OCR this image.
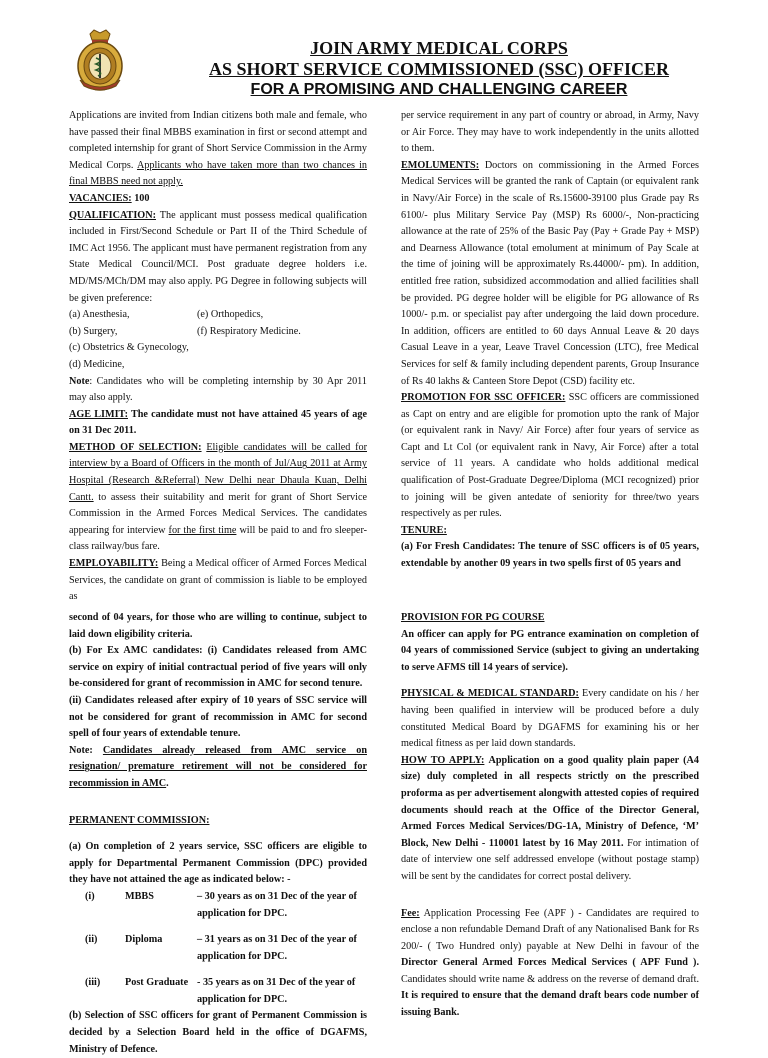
JOIN ARMY MEDICAL CORPS
AS SHORT SERVICE COMMISSIONED (SSC) OFFICER
FOR A PROMISING AND CHALLENGING CAREER

Applications are invited from Indian citizens both male and female, who have passed their final MBBS examination in first or second attempt and completed internship for grant of Short Service Commission in the Army Medical Corps. Applicants who have taken more than two chances in final MBBS need not apply.

VACANCIES: 100

QUALIFICATION: The applicant must possess medical qualification included in First/Second Schedule or Part II of the Third Schedule of IMC Act 1956. The applicant must have permanent registration from any State Medical Council/MCI. Post graduate degree holders i.e. MD/MS/MCh/DM may also apply. PG Degree in following subjects will be given preference:

(a) Anesthesia,	(e) Orthopedics,
(b) Surgery,	(f) Respiratory Medicine.
(c) Obstetrics & Gynecology,
(d) Medicine,

Note: Candidates who will be completing internship by 30 Apr 2011 may also apply.

AGE LIMIT: The candidate must not have attained 45 years of age on 31 Dec 2011.

METHOD OF SELECTION: Eligible candidates will be called for interview by a Board of Officers in the month of Jul/Aug 2011 at Army Hospital (Research &Referral) New Delhi near Dhaula Kuan, Delhi Cantt. to assess their suitability and merit for grant of Short Service Commission in the Armed Forces Medical Services. The candidates appearing for interview for the first time will be paid to and fro sleeper-class railway/bus fare.

EMPLOYABILITY: Being a Medical officer of Armed Forces Medical Services, the candidate on grant of commission is liable to be employed as

per service requirement in any part of country or abroad, in Army, Navy or Air Force. They may have to work independently in the units allotted to them.

EMOLUMENTS: Doctors on commissioning in the Armed Forces Medical Services will be granted the rank of Captain (or equivalent rank in Navy/Air Force) in the scale of Rs.15600-39100 plus Grade pay Rs 6100/- plus Military Service Pay (MSP) Rs 6000/-, Non-practicing allowance at the rate of 25% of the Basic Pay (Pay + Grade Pay + MSP) and Dearness Allowance (total emolument at minimum of Pay Scale at the time of joining will be approximately Rs.44000/- pm). In addition, entitled free ration, subsidized accommodation and allied facilities shall be provided. PG degree holder will be eligible for PG allowance of Rs 1000/- p.m. or specialist pay after undergoing the laid down procedure. In addition, officers are entitled to 60 days Annual Leave & 20 days Casual Leave in a year, Leave Travel Concession (LTC), free Medical Services for self & family including dependent parents, Group Insurance of Rs 40 lakhs & Canteen Store Depot (CSD) facility etc.

PROMOTION FOR SSC OFFICER: SSC officers are commissioned as Capt on entry and are eligible for promotion upto the rank of Major (or equivalent rank in Navy/ Air Force) after four years of service as Capt and Lt Col (or equivalent rank in Navy, Air Force) after a total service of 11 years. A candidate who holds additional medical qualification of Post-Graduate Degree/Diploma (MCI recognized) prior to joining will be given antedate of seniority for three/two years respectively as per rules.

TENURE:

(a) For Fresh Candidates: The tenure of SSC officers is of 05 years, extendable by another 09 years in two spells first of 05 years and

second of 04 years, for those who are willing to continue, subject to laid down eligibility criteria.

(b) For Ex AMC candidates: (i) Candidates released from AMC service on expiry of initial contractual period of five years will only be-considered for grant of recommission in AMC for second tenure.

(ii) Candidates released after expiry of 10 years of SSC service will not be considered for grant of recommission in AMC for second spell of four years of extendable tenure.

Note: Candidates already released from AMC service on resignation/ premature retirement will not be considered for recommission in AMC.

PERMANENT COMMISSION:

(a) On completion of 2 years service, SSC officers are eligible to apply for Departmental Permanent Commission (DPC) provided they have not attained the age as indicated below: -

(i)	MBBS	– 30 years as on 31 Dec of the year of
application for DPC.
(ii)	Diploma	– 31 years as on 31 Dec of the year of
application for DPC.
(iii)	Post Graduate - 35 years as on 31 Dec of the year of
application for DPC.

(b) Selection of SSC officers for grant of Permanent Commission is decided by a Selection Board held in the office of DGAFMS, Ministry of Defence.

PROVISION FOR PG COURSE

An officer can apply for PG entrance examination on completion of 04 years of commissioned Service (subject to giving an undertaking to serve AFMS till 14 years of service).

PHYSICAL & MEDICAL STANDARD: Every candidate on his / her having been qualified in interview will be produced before a duly constituted Medical Board by DGAFMS for examining his or her medical fitness as per laid down standards.

HOW TO APPLY: Application on a good quality plain paper (A4 size) duly completed in all respects strictly on the prescribed proforma as per advertisement alongwith attested copies of required documents should reach at the Office of the Director General, Armed Forces Medical Services/DG-1A, Ministry of Defence, ‘M’ Block, New Delhi - 110001 latest by 16 May 2011. For intimation of date of interview one self addressed envelope (without postage stamp) will be sent by the candidates for correct postal delivery.

Fee: Application Processing Fee (APF ) - Candidates are required to enclose a non refundable Demand Draft of any Nationalised Bank for Rs 200/- ( Two Hundred only) payable at New Delhi in favour of the Director General Armed Forces Medical Services ( APF Fund ). Candidates should write name & address on the reverse of demand draft. It is required to ensure that the demand draft bears code number of issuing Bank.
